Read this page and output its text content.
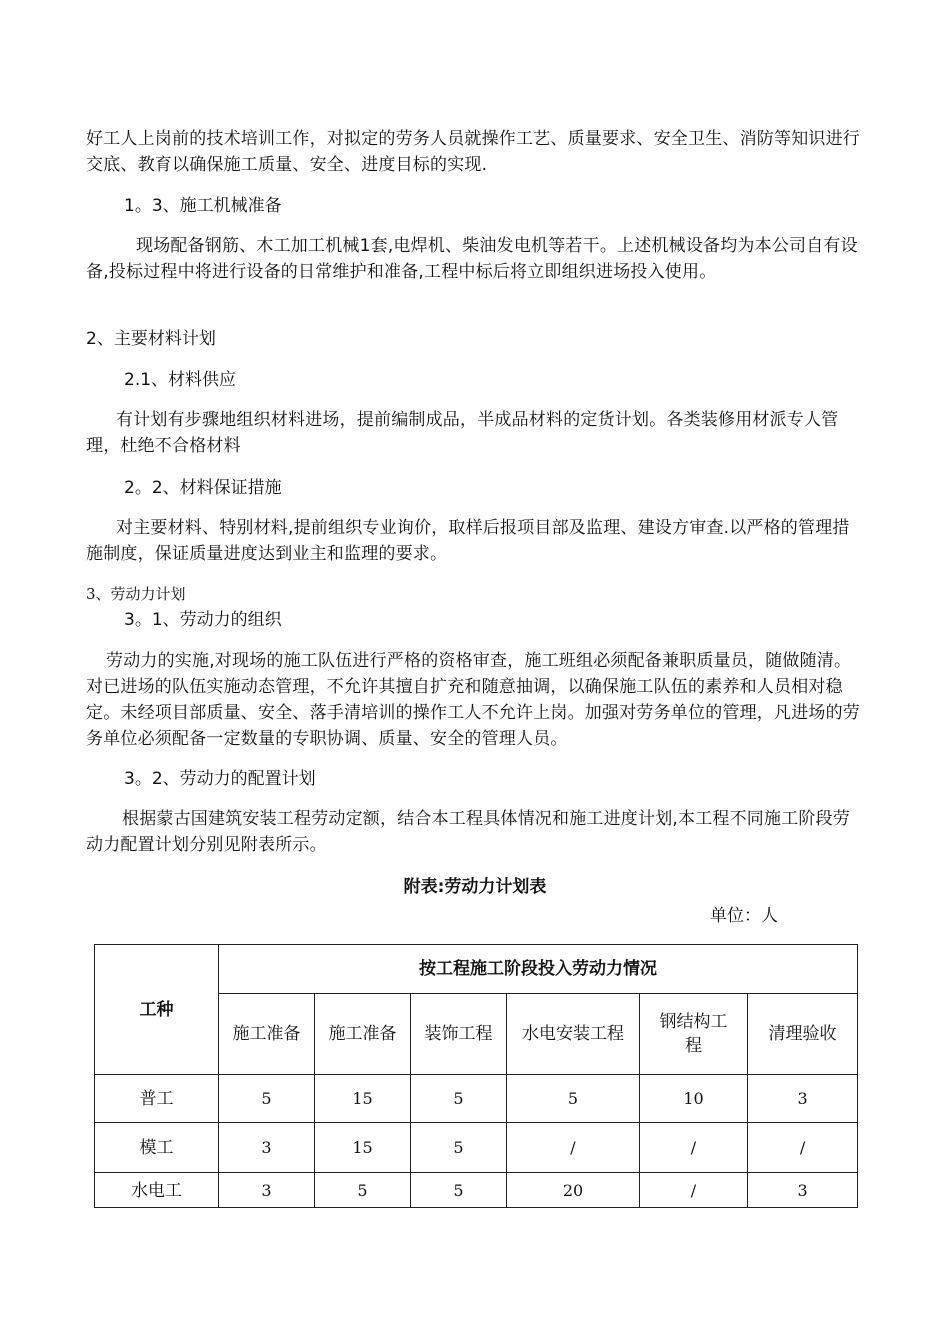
好工人上岗前的技术培训工作，对拟定的劳务人员就操作工艺、质量要求、安全卫生、消防等知识进行交底、教育以确保施工质量、安全、进度目标的实现.
1。3、施工机械准备
现场配备钢筋、木工加工机械1套,电焊机、柴油发电机等若干。上述机械设备均为本公司自有设备,投标过程中将进行设备的日常维护和准备,工程中标后将立即组织进场投入使用。
2、主要材料计划
2.1、材料供应
有计划有步骤地组织材料进场，提前编制成品，半成品材料的定货计划。各类装修用材派专人管理，杜绝不合格材料
2。2、材料保证措施
对主要材料、特别材料,提前组织专业询价，取样后报项目部及监理、建设方审查.以严格的管理措施制度，保证质量进度达到业主和监理的要求。
3、劳动力计划
3。1、劳动力的组织
劳动力的实施,对现场的施工队伍进行严格的资格审查，施工班组必须配备兼职质量员，随做随清。对已进场的队伍实施动态管理，不允许其擅自扩充和随意抽调，以确保施工队伍的素养和人员相对稳定。未经项目部质量、安全、落手清培训的操作工人不允许上岗。加强对劳务单位的管理，凡进场的劳务单位必须配备一定数量的专职协调、质量、安全的管理人员。
3。2、劳动力的配置计划
根据蒙古国建筑安装工程劳动定额，结合本工程具体情况和施工进度计划,本工程不同施工阶段劳动力配置计划分别见附表所示。
附表:劳动力计划表
单位：人
工种	按工程施工阶段投入劳动力情况					
	施工准备	施工准备	装饰工程	水电安装工程	钢结构工程	清理验收
普工	5	15	5	5	10	3
模工	3	15	5	/	/	/
水电工	3	5	5	20	/	3
